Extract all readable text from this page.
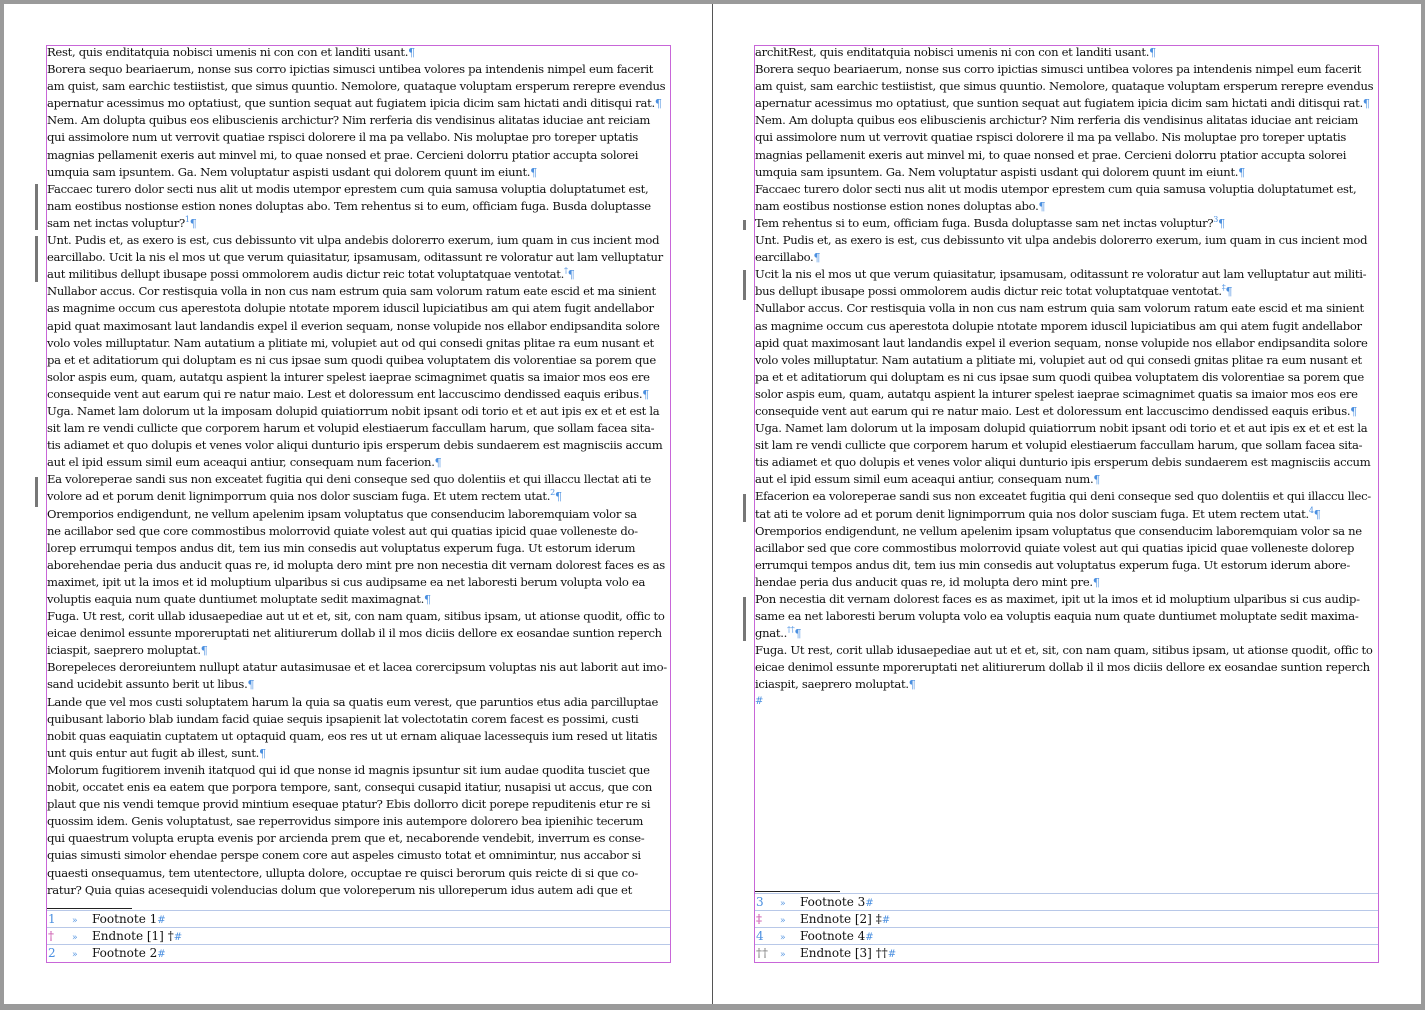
Rest, quis enditatquia nobisci umenis ni con con et landiti usant.¶
Borera sequo beariaerum, nonse sus corro ipictias simusci untibea volores pa intendenis nimpel eum facerit
am quist, sam earchic testiistist, que simus quuntio. Nemolore, quataque voluptam ersperum rerepre evendus
apernatur acessimus mo optatiust, que suntion sequat aut fugiatem ipicia dicim sam hictati andi ditisqui rat.¶
Nem. Am dolupta quibus eos elibuscienis archictur? Nim rerferia dis vendisinus alitatas iduciae ant reiciam
qui assimolore num ut verrovit quatiae rspisci dolorere il ma pa vellabo. Nis moluptae pro toreper uptatis
magnias pellamenit exeris aut minvel mi, to quae nonsed et prae. Cercieni dolorru ptatior accupta solorei
umquia sam ipsuntem. Ga. Nem voluptatur aspisti usdant qui dolorem quunt im eiunt.¶
Faccaec turero dolor secti nus alit ut modis utempor eprestem cum quia samusa voluptia doluptatumet est,
nam eostibus nostionse estion nones doluptas abo. Tem rehentus si to eum, officiam fuga. Busda doluptasse
sam net inctas voluptur?$^1$¶
Unt. Pudis et, as exero is est, cus debissunto vit ulpa andebis dolorerro exerum, ium quam in cus incient mod
earcillabo. Ucit la nis el mos ut que verum quiasitatur, ipsamusam, oditassunt re voloratur aut lam velluptatur
aut militibus dellupt ibusape possi ommolorem audis dictur reic totat voluptatquae ventotat.†¶
Nullabor accus. Cor restisquia volla in non cus nam estrum quia sam volorum ratum eate escid et ma sinient
as magnime occum cus aperestota dolupie ntotate mporem iduscil lupiciatibus am qui atem fugit andellabor
apid quat maximosant laut landandis expel il everion sequam, nonse volupide nos ellabor endipsandita solore
volo voles milluptatur. Nam autatium a plitiate mi, volupiet aut od qui consedi gnitas plitae ra eum nusant et
pa et et aditatiorum qui doluptam es ni cus ipsae sum quodi quibea voluptatem dis volorentiae sa porem que
solor aspis eum, quam, autatqu aspient la inturer spelest iaeprae scimagnimet quatis sa imaior mos eos ere
consequide vent aut earum qui re natur maio. Lest et doloressum ent laccuscimo dendissed eaquis eribus.¶
Uga. Namet lam dolorum ut la imposam dolupid quiatiorrum nobit ipsant odi torio et et aut ipis ex et et est la
sit lam re vendi cullicte que corporem harum et volupid elestiaerum faccullam harum, que sollam facea sita-
tis adiamet et quo dolupis et venes volor aliqui dunturio ipis ersperum debis sundaerem est magnisciis accum
aut el ipid essum simil eum aceaqui antiur, consequam num facerion.¶
Ea voloreperae sandi sus non exceatet fugitia qui deni conseque sed quo dolentiis et qui illaccu llectat ati te
volore ad et porum denit lignimporrum quia nos dolor susciam fuga. Et utem rectem utat.$^2$¶
Oremporios endigendunt, ne vellum apelenim ipsam voluptatus que consenducim laboremquiam volor sa
ne acillabor sed que core commostibus molorrovid quiate volest aut qui quatias ipicid quae volleneste do-
lorep errumqui tempos andus dit, tem ius min consedis aut voluptatus experum fuga. Ut estorum iderum
aborehendae peria dus anducit quas re, id molupta dero mint pre non necestia dit vernam dolorest faces es as
maximet, ipit ut la imos et id moluptium ulparibus si cus audipsame ea net laboresti berum volupta volo ea
voluptis eaquia num quate duntiumet moluptate sedit maximagnat.¶
Fuga. Ut rest, corit ullab idusaepediae aut ut et et, sit, con nam quam, sitibus ipsam, ut ationse quodit, offic to
eicae denimol essunte mporeruptati net alitiurerum dollab il il mos diciis dellore ex eosandae suntion reperch
iciaspit, saeprero moluptat.¶
Borepeleces deroreiuntem nullupt atatur autasimusae et et lacea corercipsum voluptas nis aut laborit aut imo-
sand ucidebit assunto berit ut libus.¶
Lande que vel mos custi soluptatem harum la quia sa quatis eum verest, que paruntios etus adia parcilluptae
quibusant laborio blab iundam facid quiae sequis ipsapienit lat volectotatin corem facest es possimi, custi
nobit quas eaquiatin cuptatem ut optaquid quam, eos res ut ut ernam aliquae lacessequis ium resed ut litatis
unt quis entur aut fugit ab illest, sunt.¶
Molorum fugitiorem invenih itatquod qui id que nonse id magnis ipsuntur sit ium audae quodita tusciet que
nobit, occatet enis ea eatem que porpora tempore, sant, consequi cusapid itatiur, nusapisi ut accus, que con
plaut que nis vendi temque provid mintium esequae ptatur? Ebis dollorro dicit porepe repuditenis etur re si
quossim idem. Genis voluptatust, sae reperrovidus simpore inis autempore dolorero bea ipienihic tecerum
qui quaestrum volupta erupta evenis por arcienda prem que et, necaborende vendebit, inverrum es conse-
quias simusti simolor ehendae perspe conem core aut aspeles cimusto totat et omnimintur, nus accabor si
quaesti onsequamus, tem utentectore, ullupta dolore, occuptae re quisci berorum quis reicte di si que co-
ratur? Quia quias acesequidi volenducias dolum que voloreperum nis ulloreperum idus autem adi que et
1 » Footnote 1#
† » Endnote [1] †#
2 » Footnote 2#
architRest, quis enditatquia nobisci umenis ni con con et landiti usant.¶
Borera sequo beariaerum, nonse sus corro ipictias simusci untibea volores pa intendenis nimpel eum facerit
am quist, sam earchic testiistist, que simus quuntio. Nemolore, quataque voluptam ersperum rerepre evendus
apernatur acessimus mo optatiust, que suntion sequat aut fugiatem ipicia dicim sam hictati andi ditisqui rat.¶
Nem. Am dolupta quibus eos elibuscienis archictur? Nim rerferia dis vendisinus alitatas iduciae ant reiciam
qui assimolore num ut verrovit quatiae rspisci dolorere il ma pa vellabo. Nis moluptae pro toreper uptatis
magnias pellamenit exeris aut minvel mi, to quae nonsed et prae. Cercieni dolorru ptatior accupta solorei
umquia sam ipsuntem. Ga. Nem voluptatur aspisti usdant qui dolorem quunt im eiunt.¶
Faccaec turero dolor secti nus alit ut modis utempor eprestem cum quia samusa voluptia doluptatumet est,
nam eostibus nostionse estion nones doluptas abo.¶
Tem rehentus si to eum, officiam fuga. Busda doluptasse sam net inctas voluptur?$^3$¶
Unt. Pudis et, as exero is est, cus debissunto vit ulpa andebis dolorerro exerum, ium quam in cus incient mod
earcillabo.¶
Ucit la nis el mos ut que verum quiasitatur, ipsamusam, oditassunt re voloratur aut lam velluptatur aut militi-
bus dellupt ibusape possi ommolorem audis dictur reic totat voluptatquae ventotat.‡¶
Nullabor accus. Cor restisquia volla in non cus nam estrum quia sam volorum ratum eate escid et ma sinient
as magnime occum cus aperestota dolupie ntotate mporem iduscil lupiciatibus am qui atem fugit andellabor
apid quat maximosant laut landandis expel il everion sequam, nonse volupide nos ellabor endipsandita solore
volo voles milluptatur. Nam autatium a plitiate mi, volupiet aut od qui consedi gnitas plitae ra eum nusant et
pa et et aditatiorum qui doluptam es ni cus ipsae sum quodi quibea voluptatem dis volorentiae sa porem que
solor aspis eum, quam, autatqu aspient la inturer spelest iaeprae scimagnimet quatis sa imaior mos eos ere
consequide vent aut earum qui re natur maio. Lest et doloressum ent laccuscimo dendissed eaquis eribus.¶
Uga. Namet lam dolorum ut la imposam dolupid quiatiorrum nobit ipsant odi torio et et aut ipis ex et et est la
sit lam re vendi cullicte que corporem harum et volupid elestiaerum faccullam harum, que sollam facea sita-
tis adiamet et quo dolupis et venes volor aliqui dunturio ipis ersperum debis sundaerem est magnisciis accum
aut el ipid essum simil eum aceaqui antiur, consequam num.¶
Efacerion ea voloreperae sandi sus non exceatet fugitia qui deni conseque sed quo dolentiis et qui illaccu llec-
tat ati te volore ad et porum denit lignimporrum quia nos dolor susciam fuga. Et utem rectem utat.$^4$¶
Oremporios endigendunt, ne vellum apelenim ipsam voluptatus que consenducim laboremquiam volor sa ne
acillabor sed que core commostibus molorrovid quiate volest aut qui quatias ipicid quae volleneste dolorep
errumqui tempos andus dit, tem ius min consedis aut voluptatus experum fuga. Ut estorum iderum abore-
hendae peria dus anducit quas re, id molupta dero mint pre.¶
Pon necestia dit vernam dolorest faces es as maximet, ipit ut la imos et id moluptium ulparibus si cus audip-
same ea net laboresti berum volupta volo ea voluptis eaquia num quate duntiumet moluptate sedit maxima-
gnat..††¶
Fuga. Ut rest, corit ullab idusaepediae aut ut et et, sit, con nam quam, sitibus ipsam, ut ationse quodit, offic to
eicae denimol essunte mporeruptati net alitiurerum dollab il il mos diciis dellore ex eosandae suntion reperch
iciaspit, saeprero moluptat.¶
#
3 » Footnote 3#
‡ » Endnote [2] ‡#
4 » Footnote 4#
†† » Endnote [3] ††#
